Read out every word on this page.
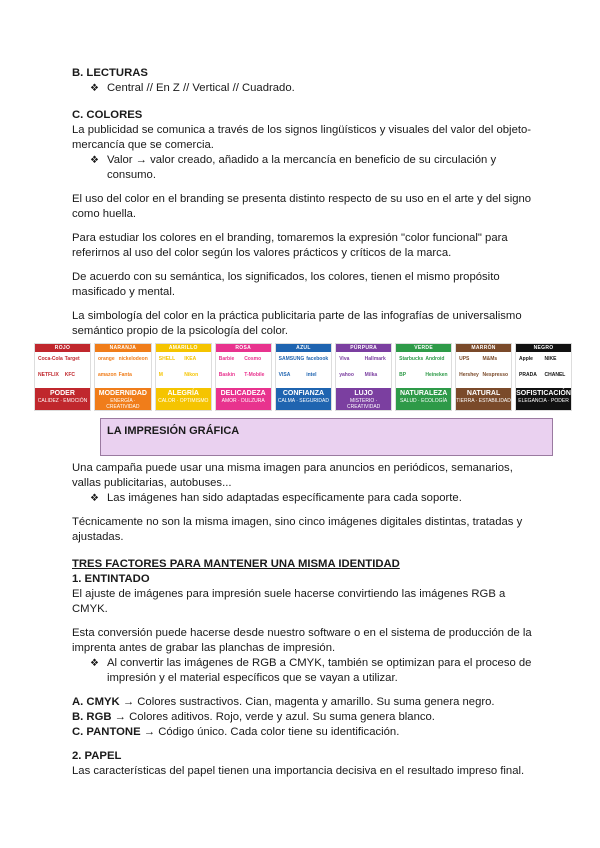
B. LECTURAS

❖ Central // En Z // Vertical // Cuadrado.

C. COLORES

La publicidad se comunica a través de los signos lingüísticos y visuales del valor del objeto-mercancía que se comercia.

❖ Valor → valor creado, añadido a la mercancía en beneficio de su circulación y consumo.

El uso del color en el branding se presenta distinto respecto de su uso en el arte y del signo como huella.

Para estudiar los colores en el branding, tomaremos la expresión "color funcional" para referirnos al uso del color según los valores prácticos y críticos de la marca.

De acuerdo con su semántica, los significados, los colores, tienen el mismo propósito masificado y mental.

La simbología del color en la práctica publicitaria parte de las infografías de universalismo semántico propio de la psicología del color.

ROJO
Coca-Cola Target
NETFLIX	KFC
PODER
CALIDEZ · EMOCIÓN
NARANJA
orange nickelodeon
amazon Fanta
MODERNIDAD
ENERGÍA · CREATIVIDAD
AMARILLO
SHELL	IKEA
M	Nikon
ALEGRÍA
CALOR · OPTIMISMO
ROSA
Barbie	Cosmo
Baskin	T-Mobile
DELICADEZA
AMOR · DULZURA
AZUL
SAMSUNG facebook
VISA	intel
CONFIANZA
CALMA · SEGURIDAD
PÚRPURA
Viva	Hallmark
yahoo	Milka
LUJO
MISTERIO · CREATIVIDAD
VERDE
Starbucks Android
BP	Heineken
NATURALEZA
SALUD · ECOLOGÍA
MARRÓN
UPS	M&Ms
Hershey Nespresso
NATURAL
TIERRA · ESTABILIDAD
NEGRO
Apple	NIKE
PRADA	CHANEL
SOFISTICACIÓN
ELEGANCIA · PODER
LA IMPRESIÓN GRÁFICA

Una campaña puede usar una misma imagen para anuncios en periódicos, semanarios, vallas publicitarias, autobuses...

❖ Las imágenes han sido adaptadas específicamente para cada soporte.

Técnicamente no son la misma imagen, sino cinco imágenes digitales distintas, tratadas y ajustadas.

TRES FACTORES PARA MANTENER UNA MISMA IDENTIDAD

1. ENTINTADO

El ajuste de imágenes para impresión suele hacerse convirtiendo las imágenes RGB a CMYK.

Esta conversión puede hacerse desde nuestro software o en el sistema de producción de la imprenta antes de grabar las planchas de impresión.

❖ Al convertir las imágenes de RGB a CMYK, también se optimizan para el proceso de impresión y el material específicos que se vayan a utilizar.

A. CMYK → Colores sustractivos. Cian, magenta y amarillo. Su suma genera negro.

B. RGB → Colores aditivos. Rojo, verde y azul. Su suma genera blanco.

C. PANTONE → Código único. Cada color tiene su identificación.

2. PAPEL

Las características del papel tienen una importancia decisiva en el resultado impreso final.
